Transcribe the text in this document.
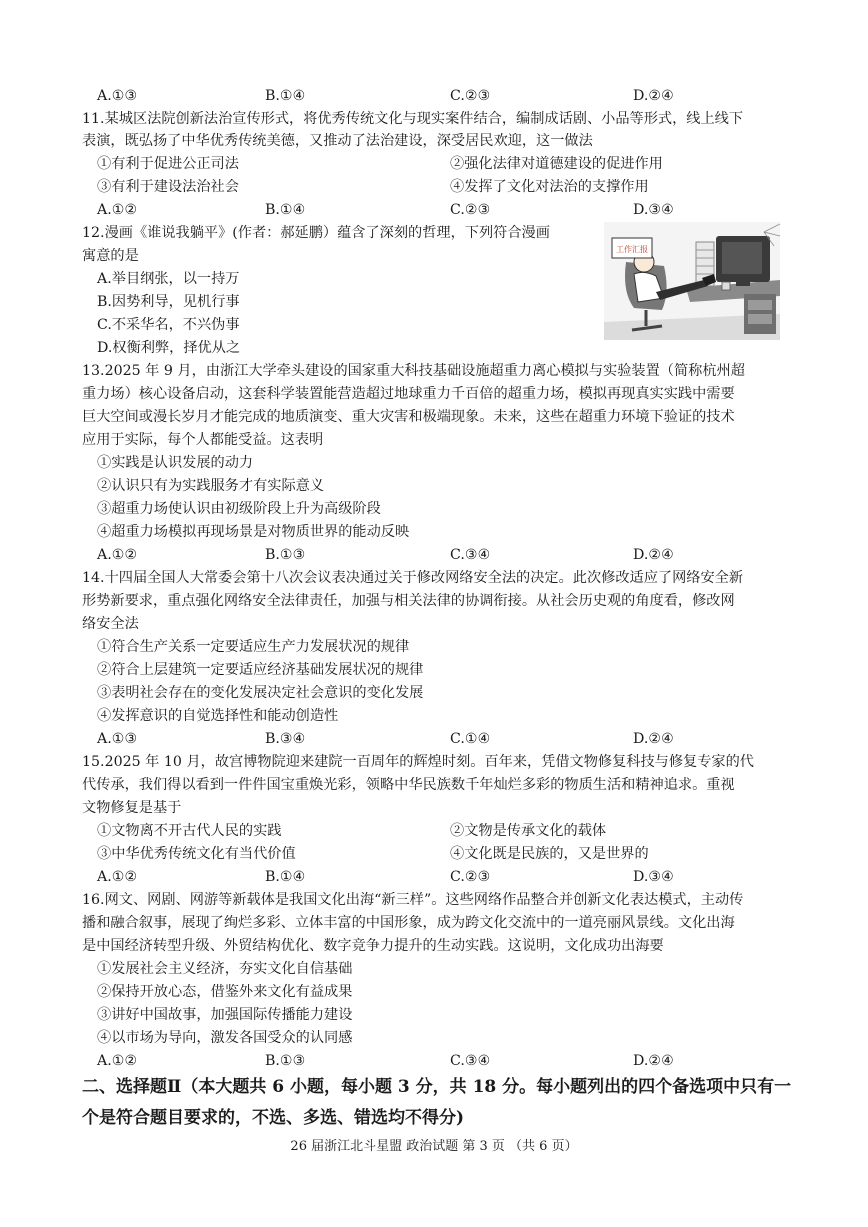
A.①③	B.①④	C.②③	D.②④
11.某城区法院创新法治宣传形式，将优秀传统文化与现实案件结合，编制成话剧、小品等形式，线上线下
表演，既弘扬了中华优秀传统美德，又推动了法治建设，深受居民欢迎，这一做法
①有利于促进公正司法	②强化法律对道德建设的促进作用
③有利于建设法治社会	④发挥了文化对法治的支撑作用
A.①②	B.①④	C.②③	D.③④
12.漫画《谁说我躺平》(作者：郝延鹏）蕴含了深刻的哲理，下列符合漫画
寓意的是
A.举目纲张，以一持万
B.因势利导，见机行事
C.不采华名，不兴伪事
D.权衡利弊，择优从之
工作汇报
13.2025 年 9 月，由浙江大学牵头建设的国家重大科技基础设施超重力离心模拟与实验装置（简称杭州超
重力场）核心设备启动，这套科学装置能营造超过地球重力千百倍的超重力场，模拟再现真实实践中需要
巨大空间或漫长岁月才能完成的地质演变、重大灾害和极端现象。未来，这些在超重力环境下验证的技术
应用于实际，每个人都能受益。这表明
①实践是认识发展的动力
②认识只有为实践服务才有实际意义
③超重力场使认识由初级阶段上升为高级阶段
④超重力场模拟再现场景是对物质世界的能动反映
A.①②	B.①③	C.③④	D.②④
14.十四届全国人大常委会第十八次会议表决通过关于修改网络安全法的决定。此次修改适应了网络安全新
形势新要求，重点强化网络安全法律责任，加强与相关法律的协调衔接。从社会历史观的角度看，修改网
络安全法
①符合生产关系一定要适应生产力发展状况的规律
②符合上层建筑一定要适应经济基础发展状况的规律
③表明社会存在的变化发展决定社会意识的变化发展
④发挥意识的自觉选择性和能动创造性
A.①③	B.③④	C.①④	D.②④
15.2025 年 10 月，故宫博物院迎来建院一百周年的辉煌时刻。百年来，凭借文物修复科技与修复专家的代
代传承，我们得以看到一件件国宝重焕光彩，领略中华民族数千年灿烂多彩的物质生活和精神追求。重视
文物修复是基于
①文物离不开古代人民的实践	②文物是传承文化的载体
③中华优秀传统文化有当代价值	④文化既是民族的，又是世界的
A.①②	B.①④	C.②③	D.③④
16.网文、网剧、网游等新载体是我国文化出海“新三样”。这些网络作品整合并创新文化表达模式，主动传
播和融合叙事，展现了绚烂多彩、立体丰富的中国形象，成为跨文化交流中的一道亮丽风景线。文化出海
是中国经济转型升级、外贸结构优化、数字竞争力提升的生动实践。这说明，文化成功出海要
①发展社会主义经济，夯实文化自信基础
②保持开放心态，借鉴外来文化有益成果
③讲好中国故事，加强国际传播能力建设
④以市场为导向，激发各国受众的认同感
A.①②	B.①③	C.③④	D.②④
二、选择题Ⅱ（本大题共 6 小题，每小题 3 分，共 18 分。每小题列出的四个备选项中只有一
个是符合题目要求的，不选、多选、错选均不得分)
26 届浙江北斗星盟 政治试题 第 3 页 （共 6 页）
